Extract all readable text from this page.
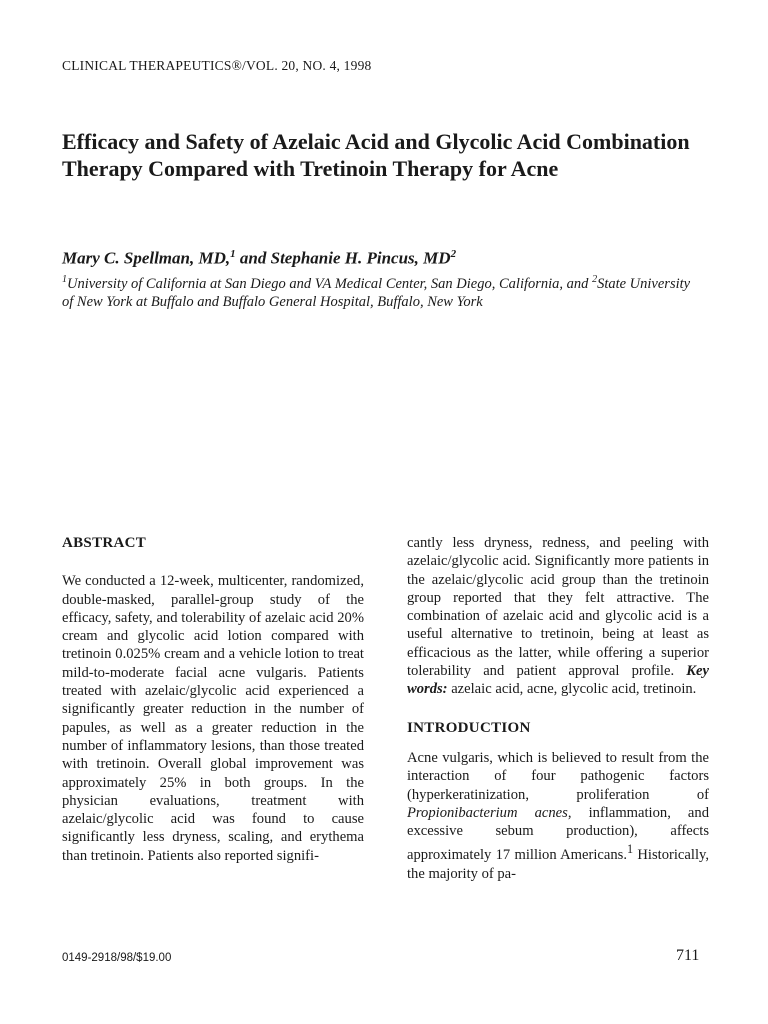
CLINICAL THERAPEUTICS®/VOL. 20, NO. 4, 1998
Efficacy and Safety of Azelaic Acid and Glycolic Acid Combination Therapy Compared with Tretinoin Therapy for Acne

Mary C. Spellman, MD,$^1$ and Stephanie H. Pincus, $MD^2$

$^1$University of California at San Diego and VA Medical Center, San Diego, California, and $^2$State University of New York at Buffalo and Buffalo General Hospital, Buffalo, New York

ABSTRACT

We conducted a 12-week, multicenter, randomized, double-masked, parallel-group study of the efficacy, safety, and tolerability of azelaic acid 20% cream and glycolic acid lotion compared with tretinoin 0.025% cream and a vehicle lotion to treat mild-to-moderate facial acne vulgaris. Patients treated with azelaic/glycolic acid experienced a significantly greater reduction in the number of papules, as well as a greater reduction in the number of inflammatory lesions, than those treated with tretinoin. Overall global improvement was approximately 25% in both groups. In the physician evaluations, treatment with azelaic/glycolic acid was found to cause significantly less dryness, scaling, and erythema than tretinoin. Patients also reported signifi-

cantly less dryness, redness, and peeling with azelaic/glycolic acid. Significantly more patients in the azelaic/glycolic acid group than the tretinoin group reported that they felt attractive. The combination of azelaic acid and glycolic acid is a useful alternative to tretinoin, being at least as efficacious as the latter, while offering a superior tolerability and patient approval profile. Key words: azelaic acid, acne, glycolic acid, tretinoin.

INTRODUCTION

Acne vulgaris, which is believed to result from the interaction of four pathogenic factors (hyperkeratinization, proliferation of Propionibacterium acnes, inflammation, and excessive sebum production), affects approximately 17 million Americans.$^1$ Historically, the majority of pa-

0149-2918/98/$19.00	711
